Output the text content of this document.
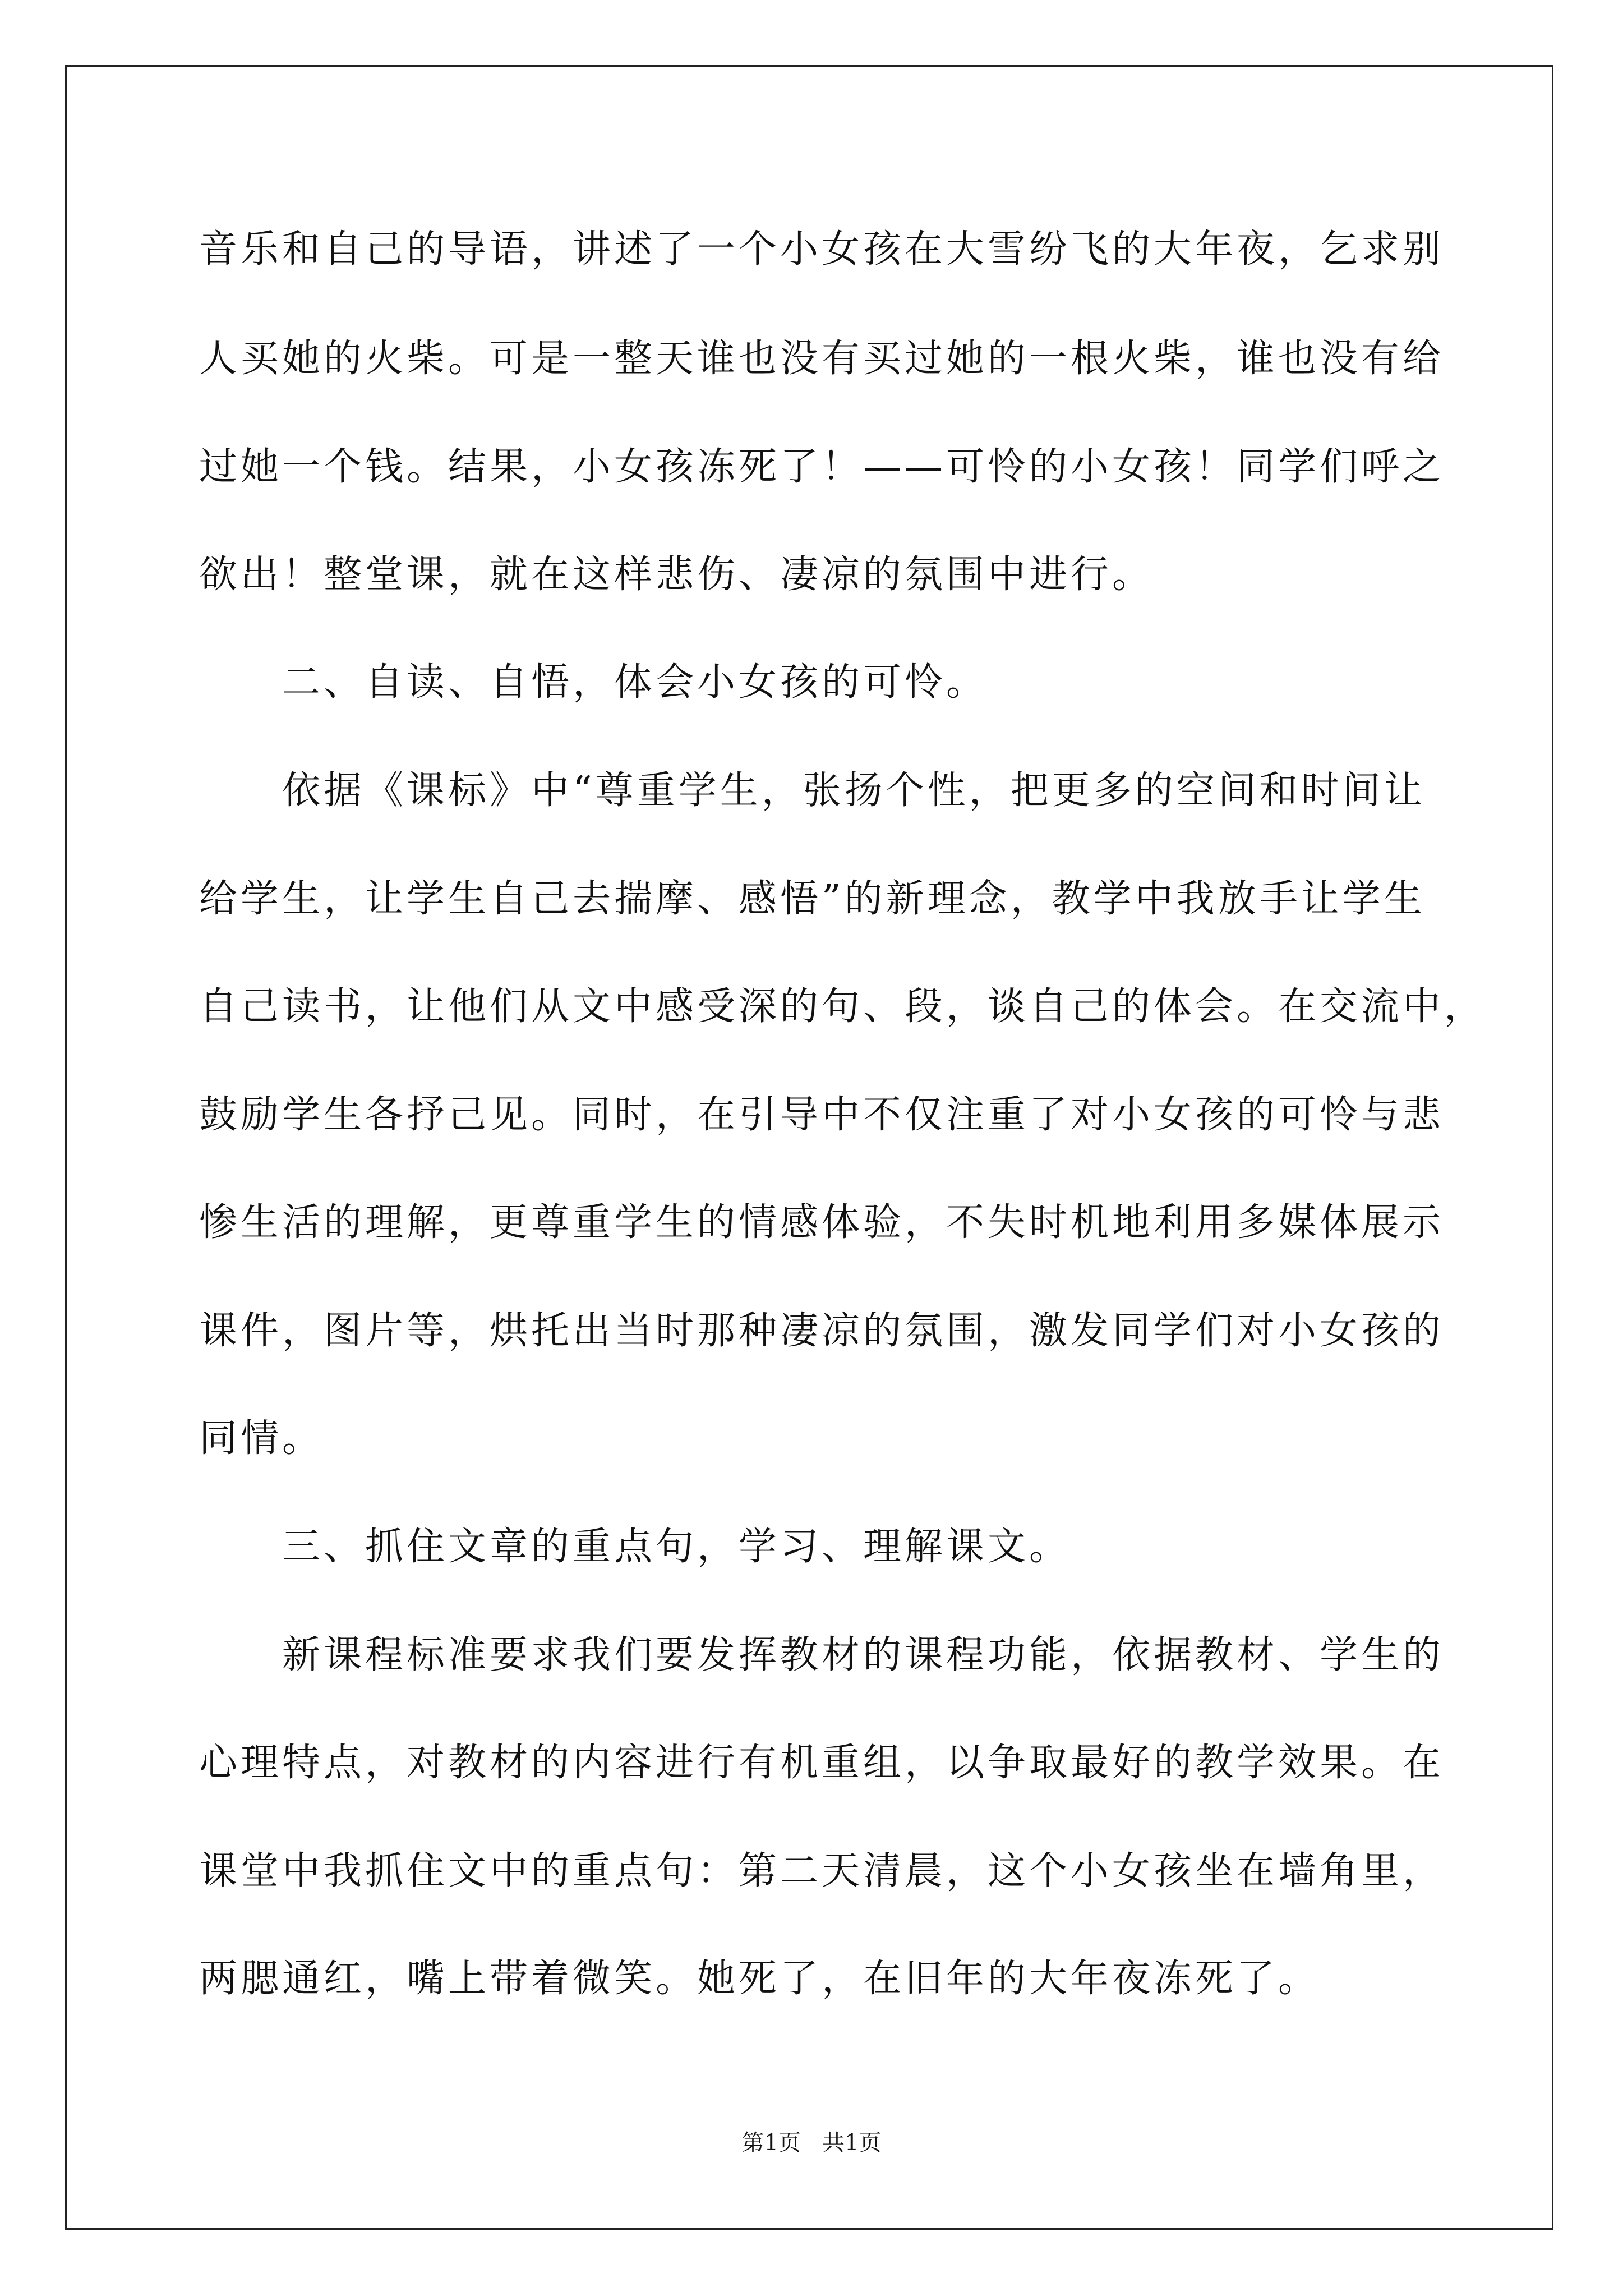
音乐和自己的导语，讲述了一个小女孩在大雪纷飞的大年夜，乞求别
人买她的火柴。可是一整天谁也没有买过她的一根火柴，谁也没有给
过她一个钱。结果，小女孩冻死了！——可怜的小女孩！同学们呼之
欲出！整堂课，就在这样悲伤、凄凉的氛围中进行。
二、自读、自悟，体会小女孩的可怜。
依据《课标》中“尊重学生，张扬个性，把更多的空间和时间让
给学生，让学生自己去揣摩、感悟”的新理念，教学中我放手让学生
自己读书，让他们从文中感受深的句、段，谈自己的体会。在交流中，
鼓励学生各抒己见。同时，在引导中不仅注重了对小女孩的可怜与悲
惨生活的理解，更尊重学生的情感体验，不失时机地利用多媒体展示
课件，图片等，烘托出当时那种凄凉的氛围，激发同学们对小女孩的
同情。
三、抓住文章的重点句，学习、理解课文。
新课程标准要求我们要发挥教材的课程功能，依据教材、学生的
心理特点，对教材的内容进行有机重组，以争取最好的教学效果。在
课堂中我抓住文中的重点句：第二天清晨，这个小女孩坐在墙角里，
两腮通红，嘴上带着微笑。她死了，在旧年的大年夜冻死了。
第1页   共1页
